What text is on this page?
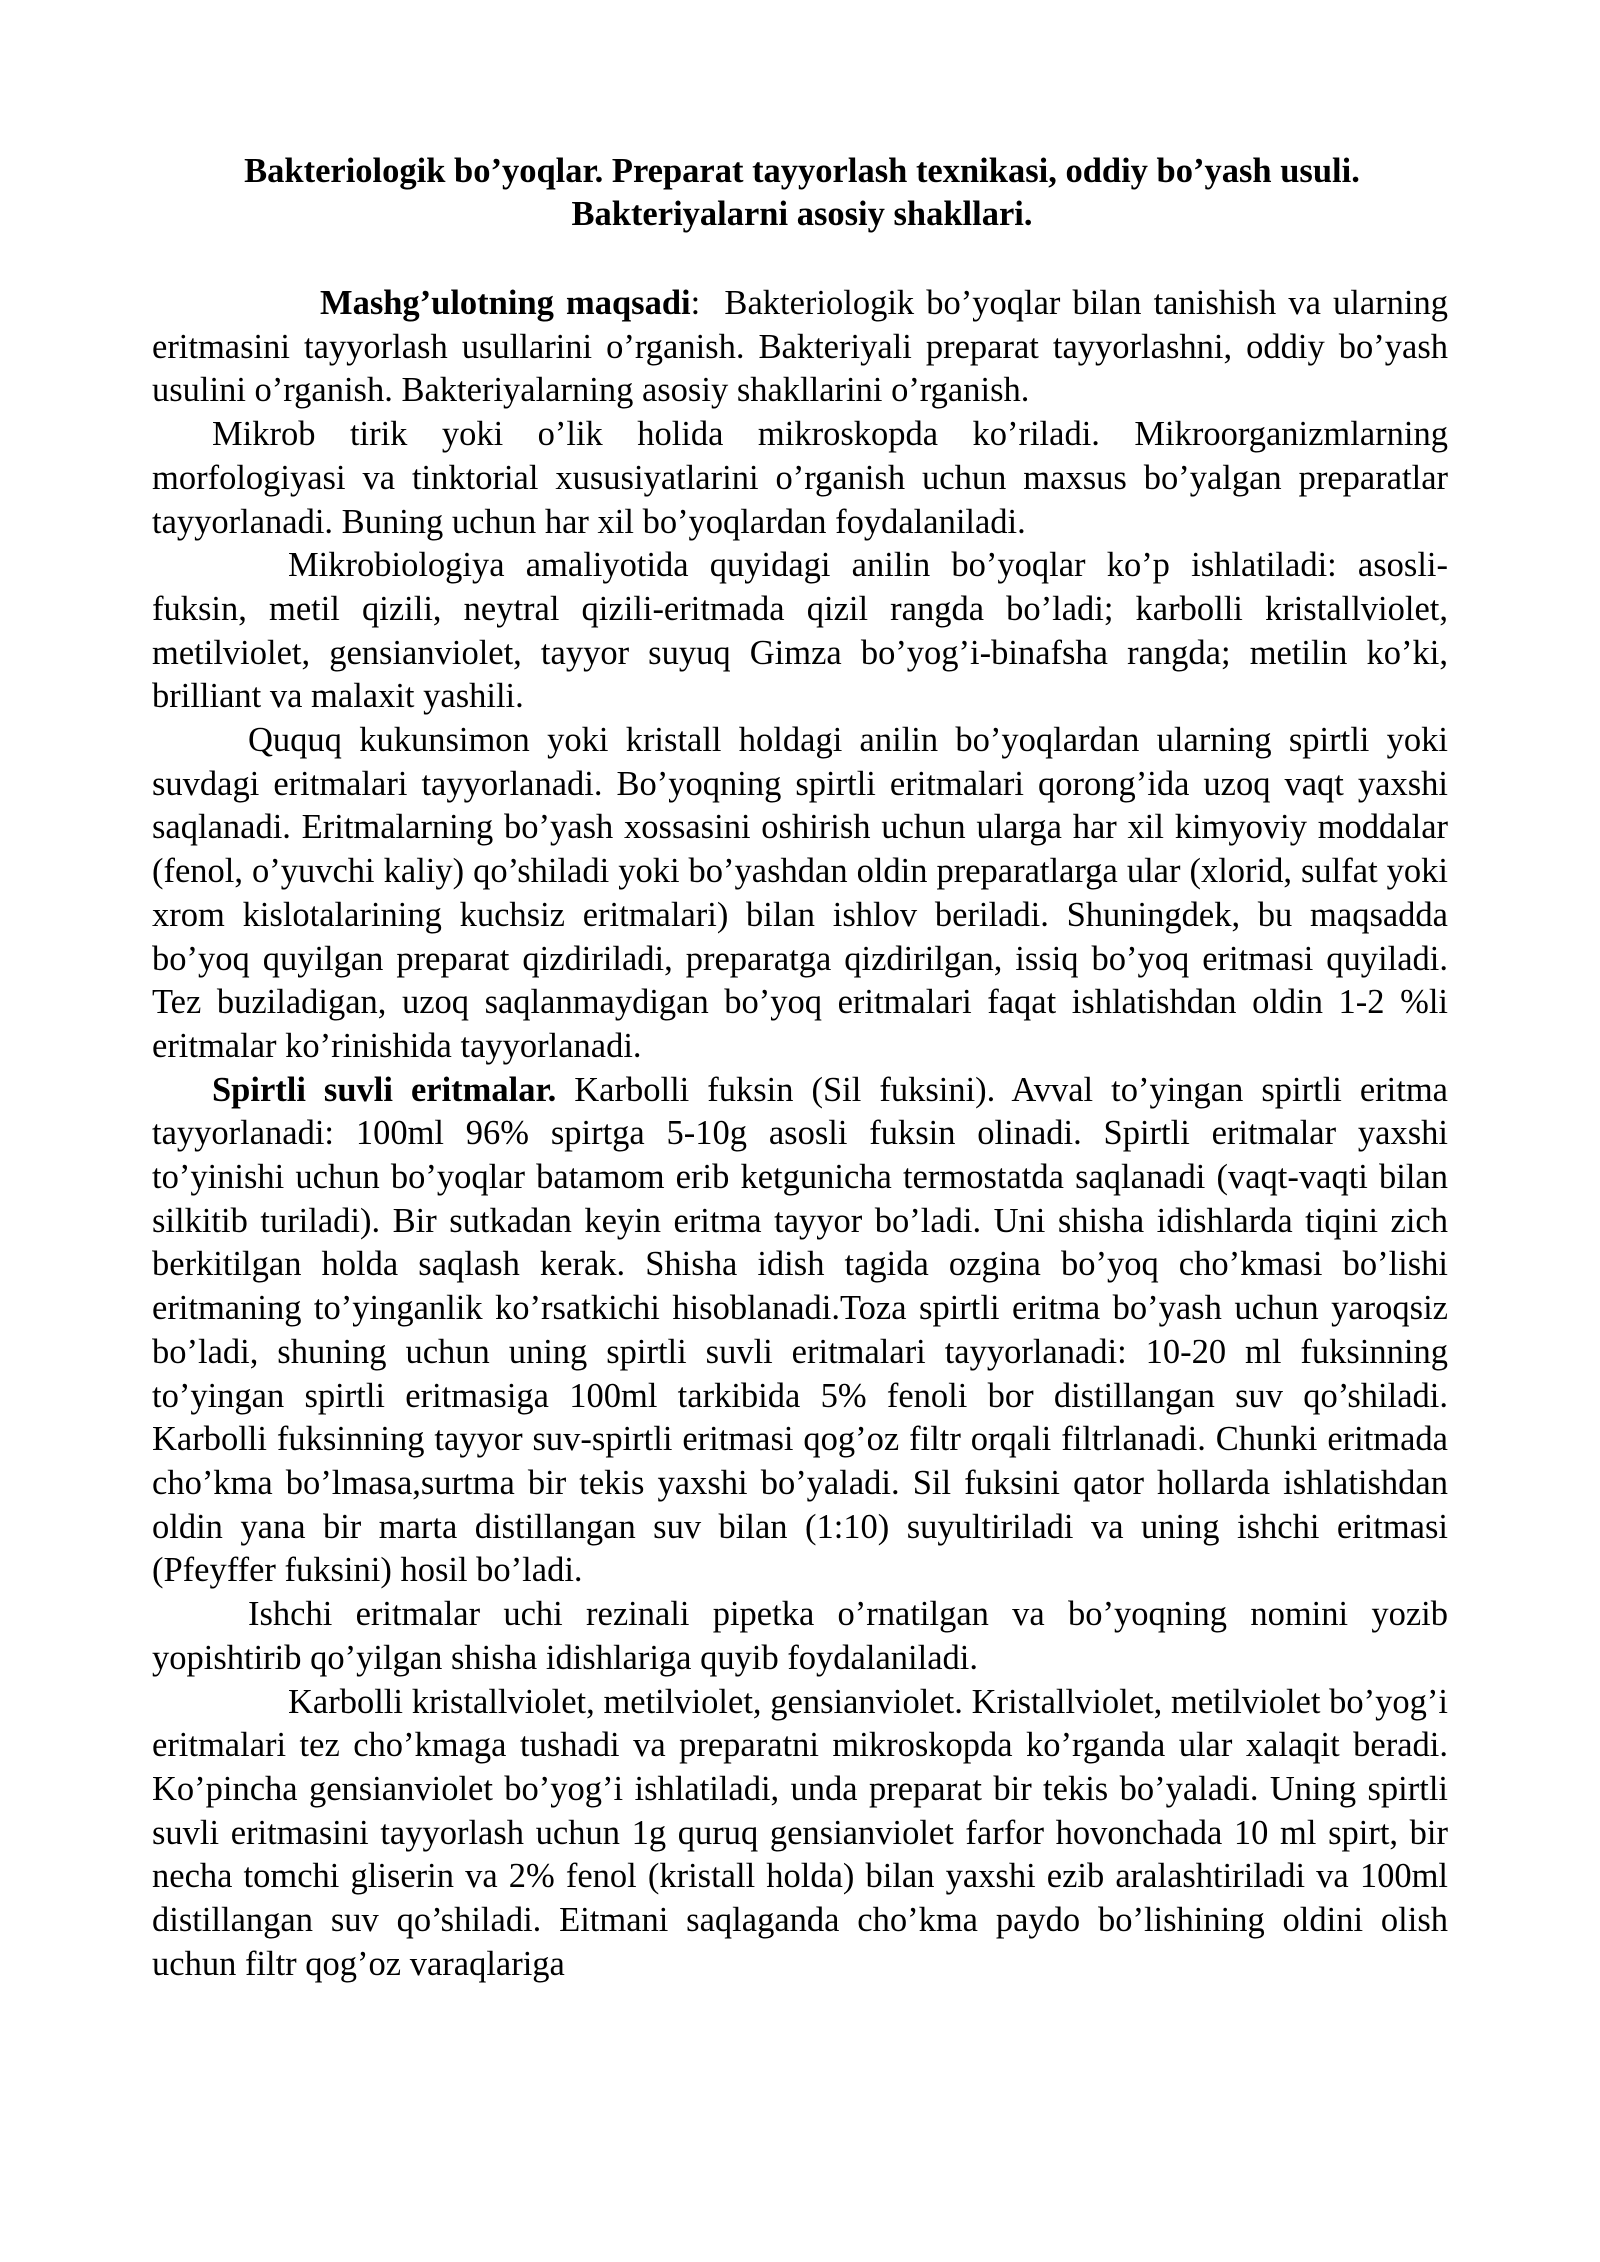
Bakteriologik bo’yoqlar. Preparat tayyorlash texnikasi, oddiy bo’yash usuli.
Bakteriyalarni asosiy shakllari.

Mashg’ulotning maqsadi:  Bakteriologik bo’yoqlar bilan tanishish va ularning eritmasini tayyorlash usullarini o’rganish. Bakteriyali preparat tayyorlashni, oddiy bo’yash usulini o’rganish. Bakteriyalarning asosiy shakllarini o’rganish.

Mikrob tirik yoki o’lik holida mikroskopda ko’riladi. Mikroorganizmlarning morfologiyasi va tinktorial xususiyatlarini o’rganish uchun maxsus bo’yalgan preparatlar tayyorlanadi. Buning uchun har xil bo’yoqlardan foydalaniladi.

Mikrobiologiya amaliyotida quyidagi anilin bo’yoqlar ko’p ishlatiladi: asosli- fuksin, metil qizili, neytral qizili-eritmada qizil rangda bo’ladi; karbolli kristallviolet, metilviolet, gensianviolet, tayyor suyuq Gimza bo’yog’i-binafsha rangda; metilin ko’ki, brilliant va malaxit yashili.

Ququq kukunsimon yoki kristall holdagi anilin bo’yoqlardan ularning spirtli yoki suvdagi eritmalari tayyorlanadi. Bo’yoqning spirtli eritmalari qorong’ida uzoq vaqt yaxshi saqlanadi. Eritmalarning bo’yash xossasini oshirish uchun ularga har xil kimyoviy moddalar (fenol, o’yuvchi kaliy) qo’shiladi yoki bo’yashdan oldin preparatlarga ular (xlorid, sulfat yoki xrom kislotalarining kuchsiz eritmalari) bilan ishlov beriladi. Shuningdek, bu maqsadda bo’yoq quyilgan preparat qizdiriladi, preparatga qizdirilgan, issiq bo’yoq eritmasi quyiladi. Tez buziladigan, uzoq saqlanmaydigan bo’yoq eritmalari faqat ishlatishdan oldin 1-2 %li eritmalar ko’rinishida tayyorlanadi.

Spirtli suvli eritmalar. Karbolli fuksin (Sil fuksini). Avval to’yingan spirtli eritma tayyorlanadi: 100ml 96% spirtga 5-10g asosli fuksin olinadi. Spirtli eritmalar yaxshi to’yinishi uchun bo’yoqlar batamom erib ketgunicha termostatda saqlanadi (vaqt-vaqti bilan silkitib turiladi). Bir sutkadan keyin eritma tayyor bo’ladi. Uni shisha idishlarda tiqini zich berkitilgan holda saqlash kerak. Shisha idish tagida ozgina bo’yoq cho’kmasi bo’lishi eritmaning to’yinganlik ko’rsatkichi hisoblanadi.Toza spirtli eritma bo’yash uchun yaroqsiz bo’ladi, shuning uchun uning spirtli suvli eritmalari tayyorlanadi: 10-20 ml fuksinning to’yingan spirtli eritmasiga 100ml tarkibida 5% fenoli bor distillangan suv qo’shiladi. Karbolli fuksinning tayyor suv-spirtli eritmasi qog’oz filtr orqali filtrlanadi. Chunki eritmada cho’kma bo’lmasa,surtma bir tekis yaxshi bo’yaladi. Sil fuksini qator hollarda ishlatishdan oldin yana bir marta distillangan suv bilan (1:10) suyultiriladi va uning ishchi eritmasi (Pfeyffer fuksini) hosil bo’ladi.

Ishchi eritmalar uchi rezinali pipetka o’rnatilgan va bo’yoqning nomini yozib yopishtirib qo’yilgan shisha idishlariga quyib foydalaniladi.

Karbolli kristallviolet, metilviolet, gensianviolet. Kristallviolet, metilviolet bo’yog’i eritmalari tez cho’kmaga tushadi va preparatni mikroskopda ko’rganda ular xalaqit beradi. Ko’pincha gensianviolet bo’yog’i ishlatiladi, unda preparat bir tekis bo’yaladi. Uning spirtli suvli eritmasini tayyorlash uchun 1g quruq gensianviolet farfor hovonchada 10 ml spirt, bir necha tomchi gliserin va 2% fenol (kristall holda) bilan yaxshi ezib aralashtiriladi va 100ml distillangan suv qo’shiladi. Eitmani saqlaganda cho’kma paydo bo’lishining oldini olish uchun filtr qog’oz varaqlariga
